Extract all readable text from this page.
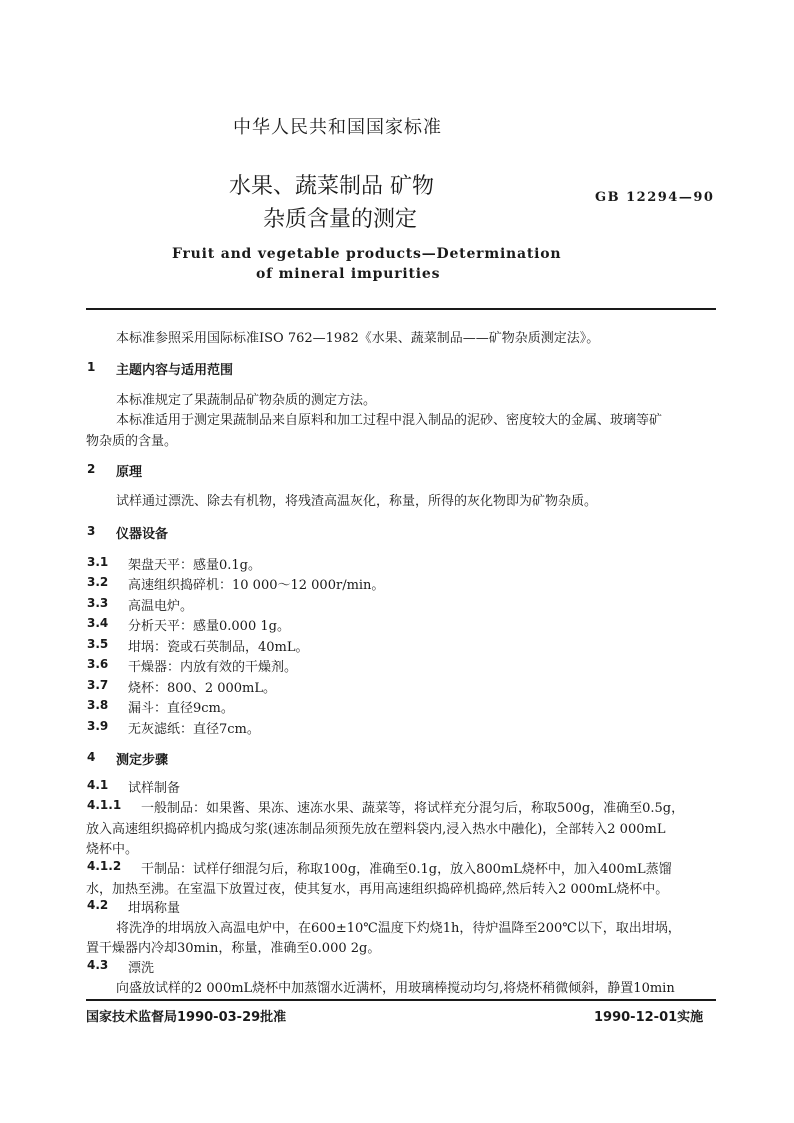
中华人民共和国国家标准
水果、蔬菜制品 矿物
杂质含量的测定
GB 12294—90
Fruit and vegetable products—Determination
of mineral impurities
本标准参照采用国际标准ISO 762—1982《水果、蔬菜制品——矿物杂质测定法》。
1 主题内容与适用范围
本标准规定了果蔬制品矿物杂质的测定方法。
本标准适用于测定果蔬制品来自原料和加工过程中混入制品的泥砂、密度较大的金属、玻璃等矿
物杂质的含量。
2 原理
试样通过漂洗、除去有机物，将残渣高温灰化，称量，所得的灰化物即为矿物杂质。
3 仪器设备
3.1 架盘天平：感量0.1g。
3.2 高速组织捣碎机：10 000～12 000r/min。
3.3 高温电炉。
3.4 分析天平：感量0.000 1g。
3.5 坩埚：瓷或石英制品，40mL。
3.6 干燥器：内放有效的干燥剂。
3.7 烧杯：800、2 000mL。
3.8 漏斗：直径9cm。
3.9 无灰滤纸：直径7cm。
4 测定步骤
4.1 试样制备
4.1.1 一般制品：如果酱、果冻、速冻水果、蔬菜等，将试样充分混匀后，称取500g，准确至0.5g，
放入高速组织捣碎机内捣成匀浆(速冻制品须预先放在塑料袋内,浸入热水中融化)，全部转入2 000mL
烧杯中。
4.1.2 干制品：试样仔细混匀后，称取100g，准确至0.1g，放入800mL烧杯中，加入400mL蒸馏
水，加热至沸。在室温下放置过夜，使其复水，再用高速组织捣碎机捣碎,然后转入2 000mL烧杯中。
4.2 坩埚称量
将洗净的坩埚放入高温电炉中，在600±10℃温度下灼烧1h，待炉温降至200℃以下，取出坩埚，
置干燥器内冷却30min，称量，准确至0.000 2g。
4.3 漂洗
向盛放试样的2 000mL烧杯中加蒸馏水近满杯，用玻璃棒搅动均匀,将烧杯稍微倾斜，静置10min
国家技术监督局1990-03-29批准	1990-12-01实施
